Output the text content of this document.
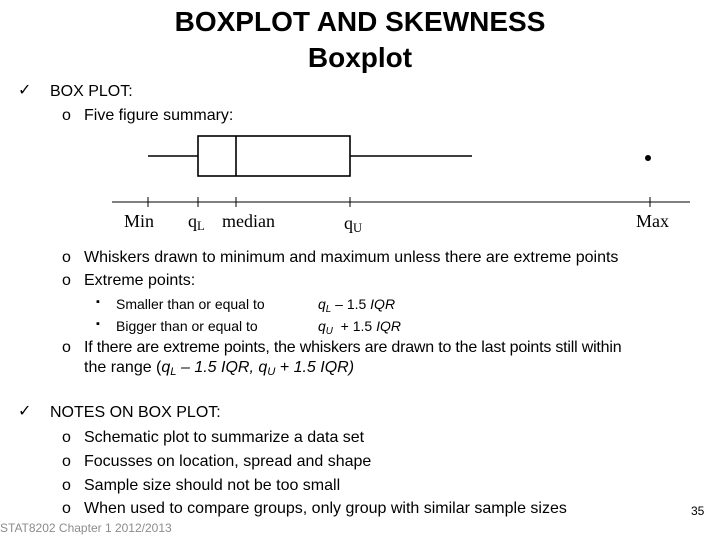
BOXPLOT AND SKEWNESS
Boxplot
✓ BOX PLOT:
o Five figure summary:
Min $q_L$ median	$q_U$	Max
o Whiskers drawn to minimum and maximum unless there are extreme points
o Extreme points:
▪ Smaller than or equal to	$q_L - 1.5$ IQR
▪ Bigger than or equal to	$q_U + 1.5$ IQR
o If there are extreme points, the whiskers are drawn to the last points still within
the range ($q_L - 1.5$ IQR, $q_U + 1.5$ IQR)
✓ NOTES ON BOX PLOT:
o Schematic plot to summarize a data set
o Focusses on location, spread and shape
o Sample size should not be too small
o When used to compare groups, only group with similar sample sizes
STAT8202 Chapter 1 2012/2013
35
